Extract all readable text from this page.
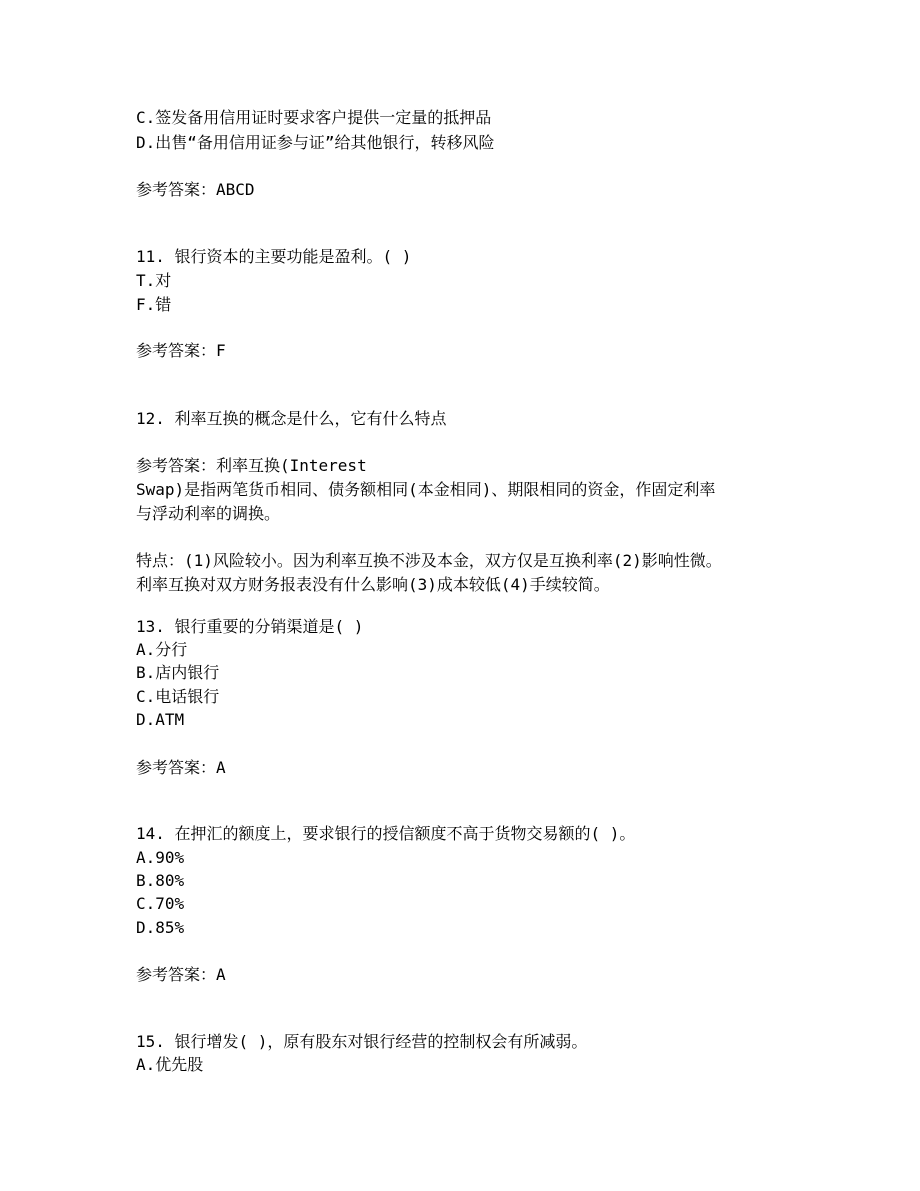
C.签发备用信用证时要求客户提供一定量的抵押品
D.出售“备用信用证参与证”给其他银行，转移风险
参考答案：ABCD
11. 银行资本的主要功能是盈利。( )
T.对
F.错
参考答案：F
12. 利率互换的概念是什么，它有什么特点
参考答案：利率互换(Interest
Swap)是指两笔货币相同、债务额相同(本金相同)、期限相同的资金，作固定利率
与浮动利率的调换。
特点：(1)风险较小。因为利率互换不涉及本金，双方仅是互换利率(2)影响性微。
利率互换对双方财务报表没有什么影响(3)成本较低(4)手续较简。
13. 银行重要的分销渠道是( )
A.分行
B.店内银行
C.电话银行
D.ATM
参考答案：A
14. 在押汇的额度上，要求银行的授信额度不高于货物交易额的( )。
A.90%
B.80%
C.70%
D.85%
参考答案：A
15. 银行增发( )，原有股东对银行经营的控制权会有所减弱。
A.优先股
